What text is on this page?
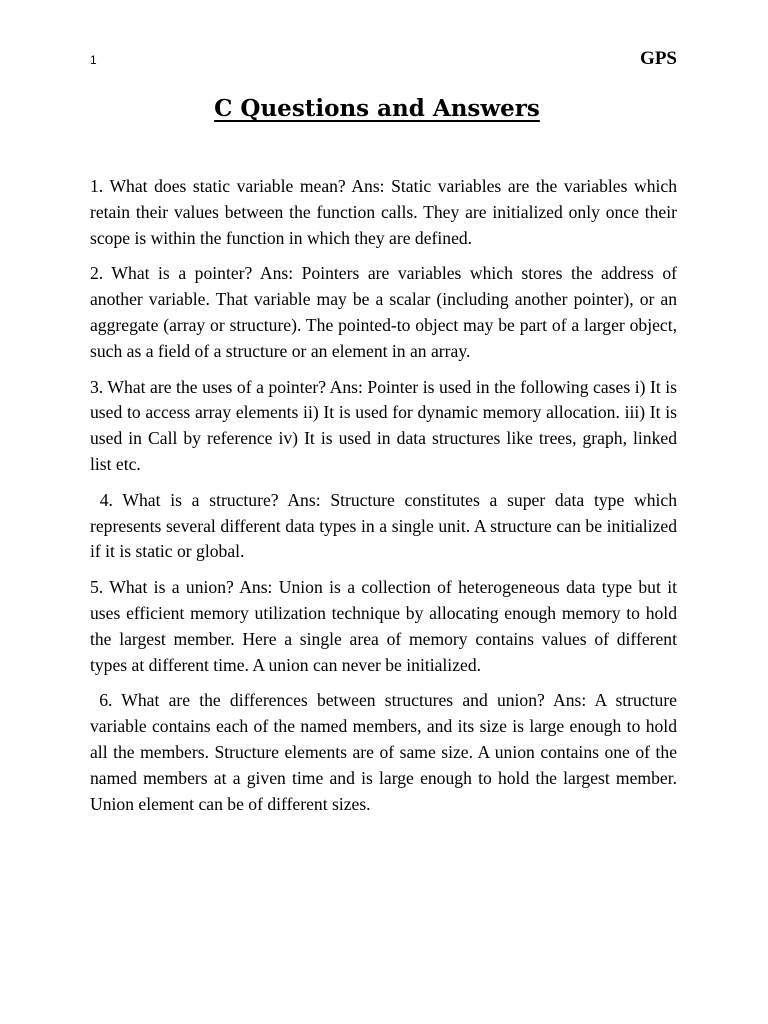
1	GPS
C Questions and Answers

1. What does static variable mean? Ans: Static variables are the variables which retain their values between the function calls. They are initialized only once their scope is within the function in which they are defined.

2. What is a pointer? Ans: Pointers are variables which stores the address of another variable. That variable may be a scalar (including another pointer), or an aggregate (array or structure). The pointed-to object may be part of a larger object, such as a field of a structure or an element in an array.

3. What are the uses of a pointer? Ans: Pointer is used in the following cases i) It is used to access array elements ii) It is used for dynamic memory allocation. iii) It is used in Call by reference iv) It is used in data structures like trees, graph, linked list etc.

4. What is a structure? Ans: Structure constitutes a super data type which represents several different data types in a single unit. A structure can be initialized if it is static or global.

5. What is a union? Ans: Union is a collection of heterogeneous data type but it uses efficient memory utilization technique by allocating enough memory to hold the largest member. Here a single area of memory contains values of different types at different time. A union can never be initialized.

6. What are the differences between structures and union? Ans: A structure variable contains each of the named members, and its size is large enough to hold all the members. Structure elements are of same size. A union contains one of the named members at a given time and is large enough to hold the largest member. Union element can be of different sizes.
